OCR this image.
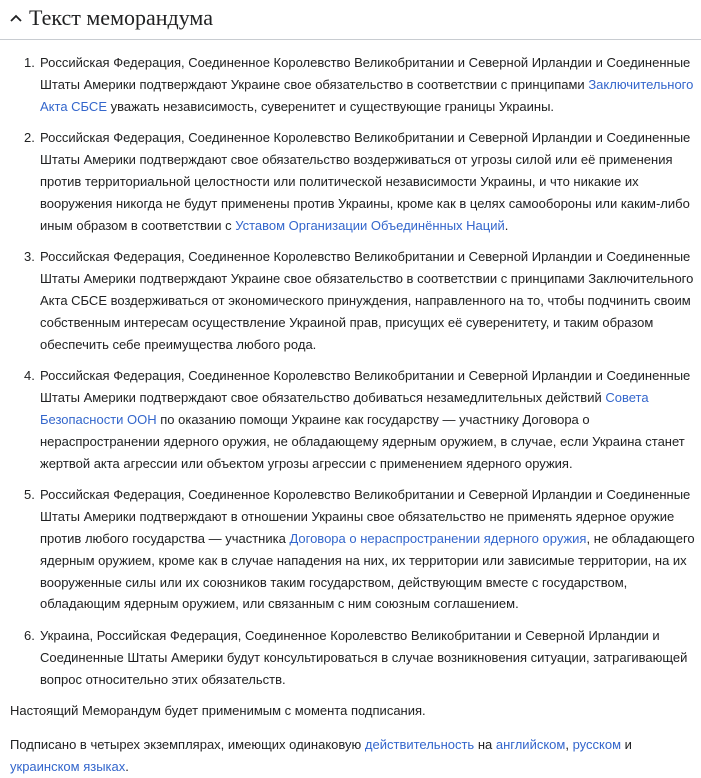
Текст меморандума
Российская Федерация, Соединенное Королевство Великобритании и Северной Ирландии и Соединенные
Штаты Америки подтверждают Украине свое обязательство в соответствии с принципами Заключительного
Акта СБСЕ уважать независимость, суверенитет и существующие границы Украины.
Российская Федерация, Соединенное Королевство Великобритании и Северной Ирландии и Соединенные
Штаты Америки подтверждают свое обязательство воздерживаться от угрозы силой или её применения
против территориальной целостности или политической независимости Украины, и что никакие их
вооружения никогда не будут применены против Украины, кроме как в целях самообороны или каким-либо
иным образом в соответствии с Уставом Организации Объединённых Наций.
Российская Федерация, Соединенное Королевство Великобритании и Северной Ирландии и Соединенные
Штаты Америки подтверждают Украине свое обязательство в соответствии с принципами Заключительного
Акта СБСЕ воздерживаться от экономического принуждения, направленного на то, чтобы подчинить своим
собственным интересам осуществление Украиной прав, присущих её суверенитету, и таким образом
обеспечить себе преимущества любого рода.
Российская Федерация, Соединенное Королевство Великобритании и Северной Ирландии и Соединенные
Штаты Америки подтверждают свое обязательство добиваться незамедлительных действий Совета
Безопасности ООН по оказанию помощи Украине как государству — участнику Договора о
нераспространении ядерного оружия, не обладающему ядерным оружием, в случае, если Украина станет
жертвой акта агрессии или объектом угрозы агрессии с применением ядерного оружия.
Российская Федерация, Соединенное Королевство Великобритании и Северной Ирландии и Соединенные
Штаты Америки подтверждают в отношении Украины свое обязательство не применять ядерное оружие
против любого государства — участника Договора о нераспространении ядерного оружия, не обладающего
ядерным оружием, кроме как в случае нападения на них, их территории или зависимые территории, на их
вооруженные силы или их союзников таким государством, действующим вместе с государством,
обладающим ядерным оружием, или связанным с ним союзным соглашением.
Украина, Российская Федерация, Соединенное Королевство Великобритании и Северной Ирландии и
Соединенные Штаты Америки будут консультироваться в случае возникновения ситуации, затрагивающей
вопрос относительно этих обязательств.

Настоящий Меморандум будет применимым с момента подписания.

Подписано в четырех экземплярах, имеющих одинаковую действительность на английском, русском и
украинском языках.
